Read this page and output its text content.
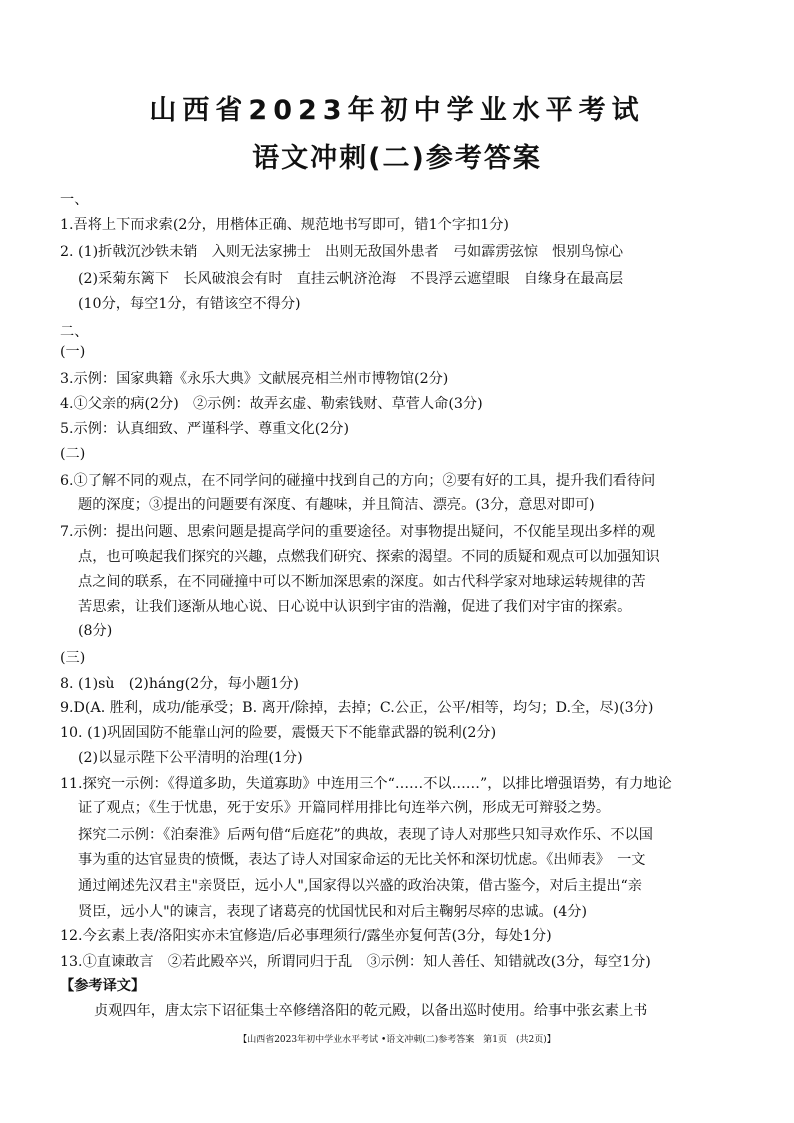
山西省2023年初中学业水平考试
语文冲刺(二)参考答案
一、
1.吾将上下而求索(2分，用楷体正确、规范地书写即可，错1个字扣1分)
2. (1)折戟沉沙铁未销　入则无法家拂士　出则无敌国外患者　弓如霹雳弦惊　恨别鸟惊心
(2)采菊东篱下　长风破浪会有时　直挂云帆济沧海　不畏浮云遮望眼　自缘身在最高层
(10分，每空1分，有错该空不得分)
二、
(一)
3.示例：国家典籍《永乐大典》文献展亮相兰州市博物馆(2分)
4.①父亲的病(2分)　②示例：故弄玄虚、勒索钱财、草菅人命(3分)
5.示例：认真细致、严谨科学、尊重文化(2分)
(二)
6.①了解不同的观点，在不同学问的碰撞中找到自己的方向；②要有好的工具，提升我们看待问
题的深度；③提出的问题要有深度、有趣味，并且简洁、漂亮。(3分，意思对即可)
7.示例：提出问题、思索问题是提高学问的重要途径。对事物提出疑问，不仅能呈现出多样的观
点，也可唤起我们探究的兴趣，点燃我们研究、探索的渴望。不同的质疑和观点可以加强知识
点之间的联系，在不同碰撞中可以不断加深思索的深度。如古代科学家对地球运转规律的苦
苦思索，让我们逐渐从地心说、日心说中认识到宇宙的浩瀚，促进了我们对宇宙的探索。
(8分)
(三)
8. (1)sù　(2)háng(2分，每小题1分)
9.D(A. 胜利，成功/能承受；B. 离开/除掉，去掉；C.公正，公平/相等，均匀；D.全，尽)(3分)
10. (1)巩固国防不能靠山河的险要，震慑天下不能靠武器的锐利(2分)
(2)以显示陛下公平清明的治理(1分)
11.探究一示例：《得道多助，失道寡助》中连用三个“……不以……”，以排比增强语势，有力地论
证了观点；《生于忧患，死于安乐》开篇同样用排比句连举六例，形成无可辩驳之势。
探究二示例：《泊秦淮》后两句借“后庭花”的典故，表现了诗人对那些只知寻欢作乐、不以国
事为重的达官显贵的愤慨，表达了诗人对国家命运的无比关怀和深切忧虑。《出师表》　一文
通过阐述先汉君主"亲贤臣，远小人",国家得以兴盛的政治决策，借古鉴今，对后主提出“亲
贤臣，远小人"的谏言，表现了诸葛亮的忧国忧民和对后主鞠躬尽瘁的忠诚。(4分)
12.今玄素上表/洛阳实亦未宜修造/后必事理须行/露坐亦复何苦(3分，每处1分)
13.①直谏敢言　②若此殿卒兴，所谓同归于乱　③示例：知人善任、知错就改(3分，每空1分)
【参考译文】
贞观四年，唐太宗下诏征集士卒修缮洛阳的乾元殿，以备出巡时使用。给事中张玄素上书
【山西省2023年初中学业水平考试 •语文冲刺(二)参考答案　第1页　(共2页)】
